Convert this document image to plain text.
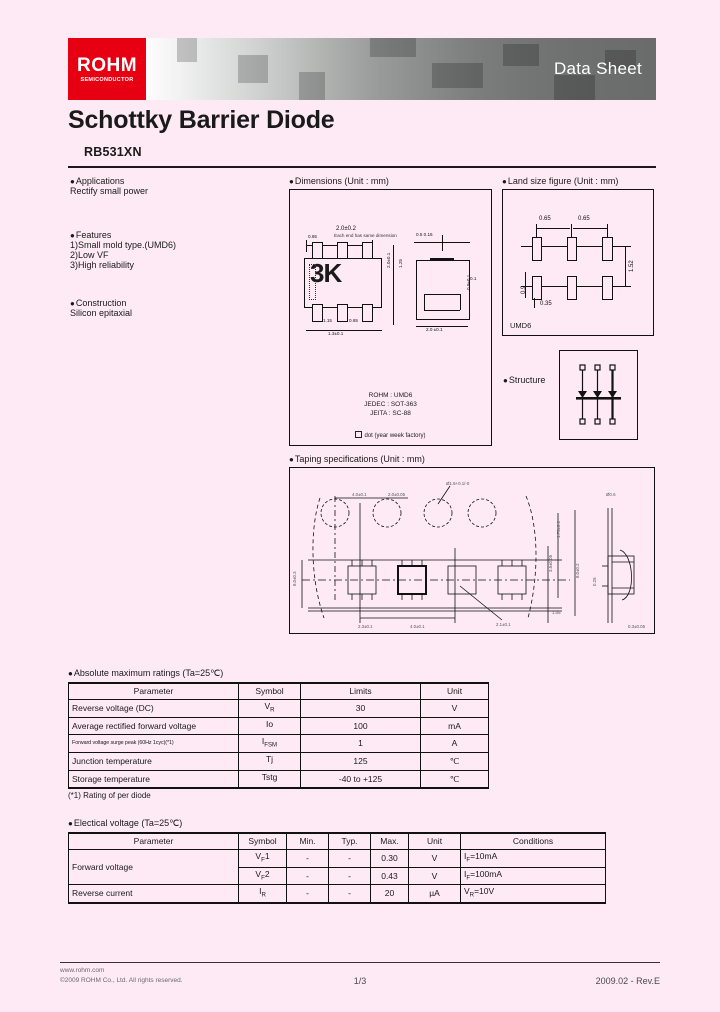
ROHM
SEMICONDUCTOR
Data Sheet
Schottky Barrier Diode
RB531XN
● Applications
Rectify small power
● Features
1)Small mold type.(UMD6)
2)Low VF
3)High reliability
● Construction
Silicon epitaxial
● Dimensions (Unit : mm)
2.0±0.2
Each end has same dimension
0.65
3K
1.15	0.65
1.3±0.1
2.0±0.1 1.25
0.5 0.15
0.1
0.9±0.1
2.0 ±0.1
ROHM : UMD6
JEDEC : SOT-363
JEITA : SC-88
dot (year week factory)
● Land size figure (Unit : mm)
0.65	0.65
1.52
0.9
0.35
UMD6
● Structure
● Taping specifications (Unit : mm)
4.0±0.1	2.0±0.05
Ø1.5+0.1/-0
Ø0.6
8.0±0.3
1.75±0.1
3.5±0.05	8.0±0.2
2.3±0.1	4.0±0.1	2.1±0.1
1.05
0.3±0.05
0.25
● Absolute maximum ratings (Ta=25℃)
Parameter	Symbol	Limits	Unit
Reverse voltage (DC)	$V_R$	30	V
Average rectified forward voltage	Io	100	mA
Forward voltage surge peak (60Hz 1cyc)(*1)	$I_{FSM}$	1	A
Junction temperature	Tj	125	℃
Storage temperature	Tstg	-40 to +125	℃
(*1) Rating of per diode
● Electical voltage (Ta=25℃)
Parameter	Symbol	Min.	Typ.	Max.	Unit	Conditions
Forward voltage	$V_F1$	-	-	0.30	V	$I_F=10mA$
	$V_F2$	-	-	0.43	V	$I_F=100mA$
Reverse current	$I_R$	-	-	20	µA	$V_R=10V$
www.rohm.com
©2009 ROHM Co., Ltd. All rights reserved.	1/3	2009.02 - Rev.E
